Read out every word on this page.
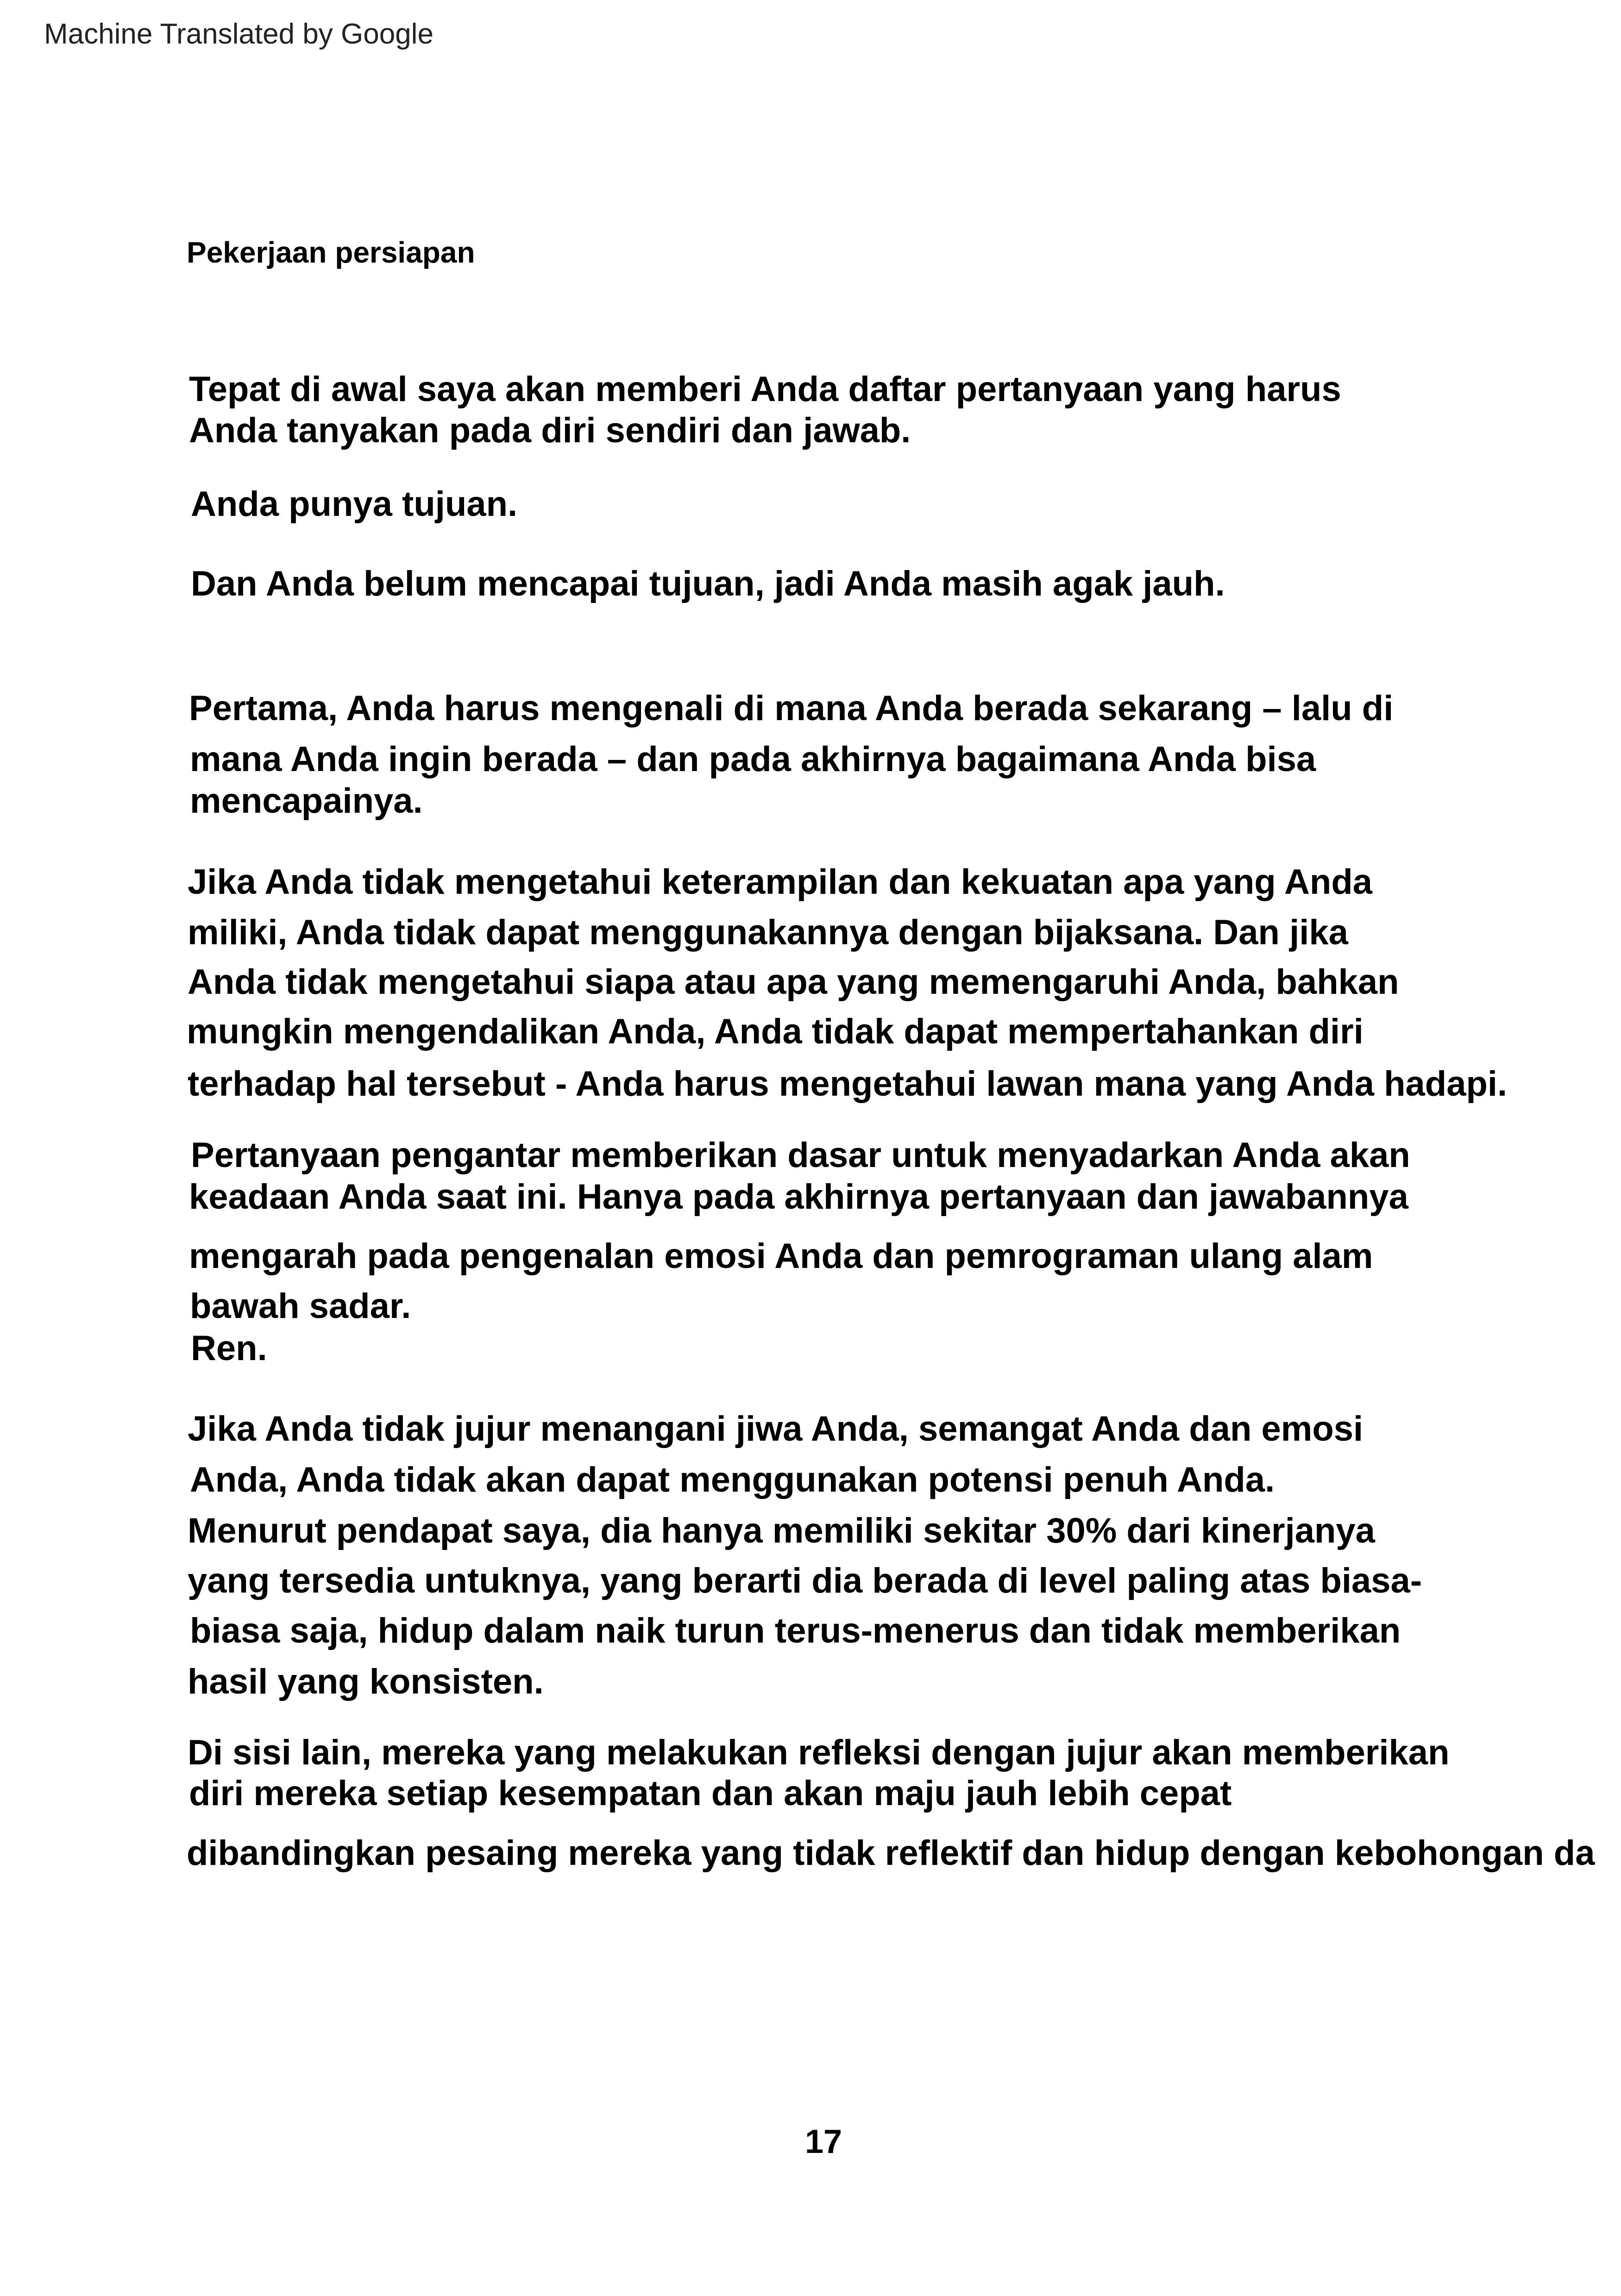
Machine Translated by Google
Pekerjaan persiapan
Tepat di awal saya akan memberi Anda daftar pertanyaan yang harus
Anda tanyakan pada diri sendiri dan jawab.
Anda punya tujuan.
Dan Anda belum mencapai tujuan, jadi Anda masih agak jauh.
Pertama, Anda harus mengenali di mana Anda berada sekarang – lalu di
mana Anda ingin berada – dan pada akhirnya bagaimana Anda bisa
mencapainya.
Jika Anda tidak mengetahui keterampilan dan kekuatan apa yang Anda
miliki, Anda tidak dapat menggunakannya dengan bijaksana. Dan jika
Anda tidak mengetahui siapa atau apa yang memengaruhi Anda, bahkan
mungkin mengendalikan Anda, Anda tidak dapat mempertahankan diri
terhadap hal tersebut - Anda harus mengetahui lawan mana yang Anda hadapi.
Pertanyaan pengantar memberikan dasar untuk menyadarkan Anda akan
keadaan Anda saat ini. Hanya pada akhirnya pertanyaan dan jawabannya
mengarah pada pengenalan emosi Anda dan pemrograman ulang alam
bawah sadar.
Ren.
Jika Anda tidak jujur menangani jiwa Anda, semangat Anda dan emosi
Anda, Anda tidak akan dapat menggunakan potensi penuh Anda.
Menurut pendapat saya, dia hanya memiliki sekitar 30% dari kinerjanya
yang tersedia untuknya, yang berarti dia berada di level paling atas biasa-
biasa saja, hidup dalam naik turun terus-menerus dan tidak memberikan
hasil yang konsisten.
Di sisi lain, mereka yang melakukan refleksi dengan jujur akan memberikan
diri mereka setiap kesempatan dan akan maju jauh lebih cepat
dibandingkan pesaing mereka yang tidak reflektif dan hidup dengan kebohongan da
17
